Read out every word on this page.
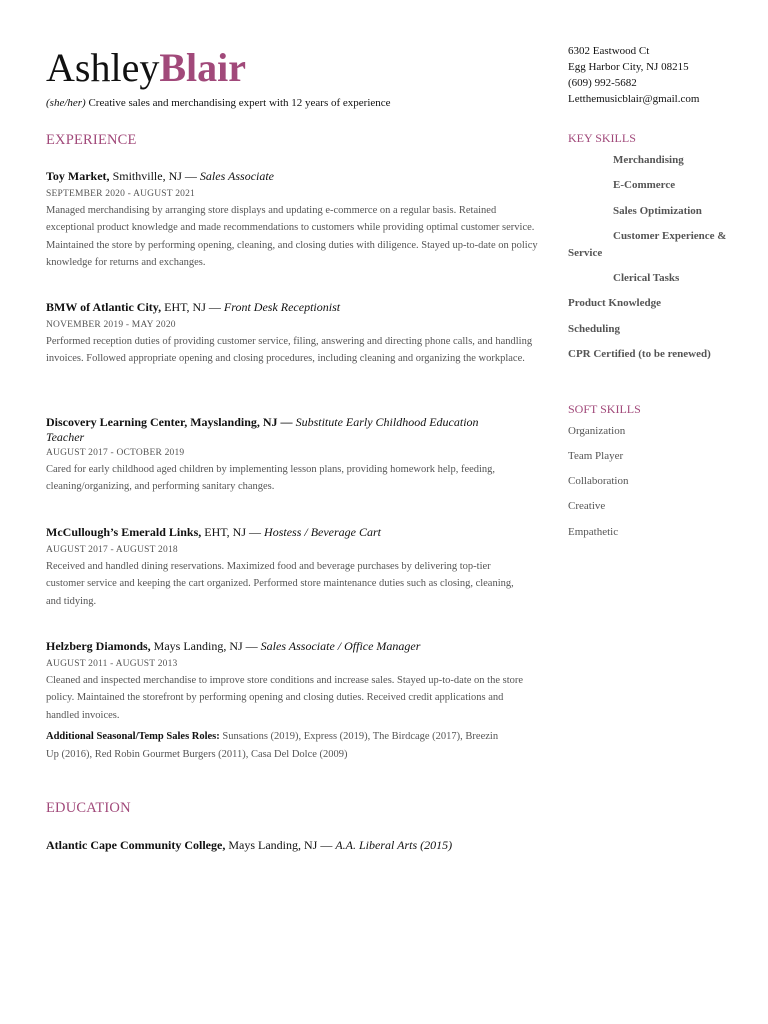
AshleyBlair
(she/her) Creative sales and merchandising expert with 12 years of experience
6302 Eastwood Ct
Egg Harbor City, NJ 08215
(609) 992-5682
Letthemusicblair@gmail.com
EXPERIENCE
Toy Market, Smithville, NJ — Sales Associate
SEPTEMBER 2020 - AUGUST 2021
Managed merchandising by arranging store displays and updating e-commerce on a regular basis. Retained exceptional product knowledge and made recommendations to customers while providing optimal customer service. Maintained the store by performing opening, cleaning, and closing duties with diligence. Stayed up-to-date on policy knowledge for returns and exchanges.
BMW of Atlantic City, EHT, NJ — Front Desk Receptionist
NOVEMBER 2019 - MAY 2020
Performed reception duties of providing customer service, filing, answering and directing phone calls, and handling invoices. Followed appropriate opening and closing procedures, including cleaning and organizing the workplace.
Discovery Learning Center, Mayslanding, NJ — Substitute Early Childhood Education Teacher
AUGUST 2017 - OCTOBER 2019
Cared for early childhood aged children by implementing lesson plans, providing homework help, feeding, cleaning/organizing, and performing sanitary changes.
McCullough’s Emerald Links, EHT, NJ — Hostess / Beverage Cart
AUGUST 2017 - AUGUST 2018
Received and handled dining reservations. Maximized food and beverage purchases by delivering top-tier customer service and keeping the cart organized. Performed store maintenance duties such as closing, cleaning, and tidying.
Helzberg Diamonds, Mays Landing, NJ — Sales Associate / Office Manager
AUGUST 2011 - AUGUST 2013
Cleaned and inspected merchandise to improve store conditions and increase sales. Stayed up-to-date on the store policy. Maintained the storefront by performing opening and closing duties. Received credit applications and handled invoices.
Additional Seasonal/Temp Sales Roles: Sunsations (2019), Express (2019), The Birdcage (2017), Breezin Up (2016), Red Robin Gourmet Burgers (2011), Casa Del Dolce (2009)
EDUCATION
Atlantic Cape Community College, Mays Landing, NJ — A.A. Liberal Arts (2015)
KEY SKILLS
Merchandising
E-Commerce
Sales Optimization
Customer Experience & Service
Clerical Tasks
Product Knowledge
Scheduling
CPR Certified (to be renewed)
SOFT SKILLS
Organization
Team Player
Collaboration
Creative
Empathetic
